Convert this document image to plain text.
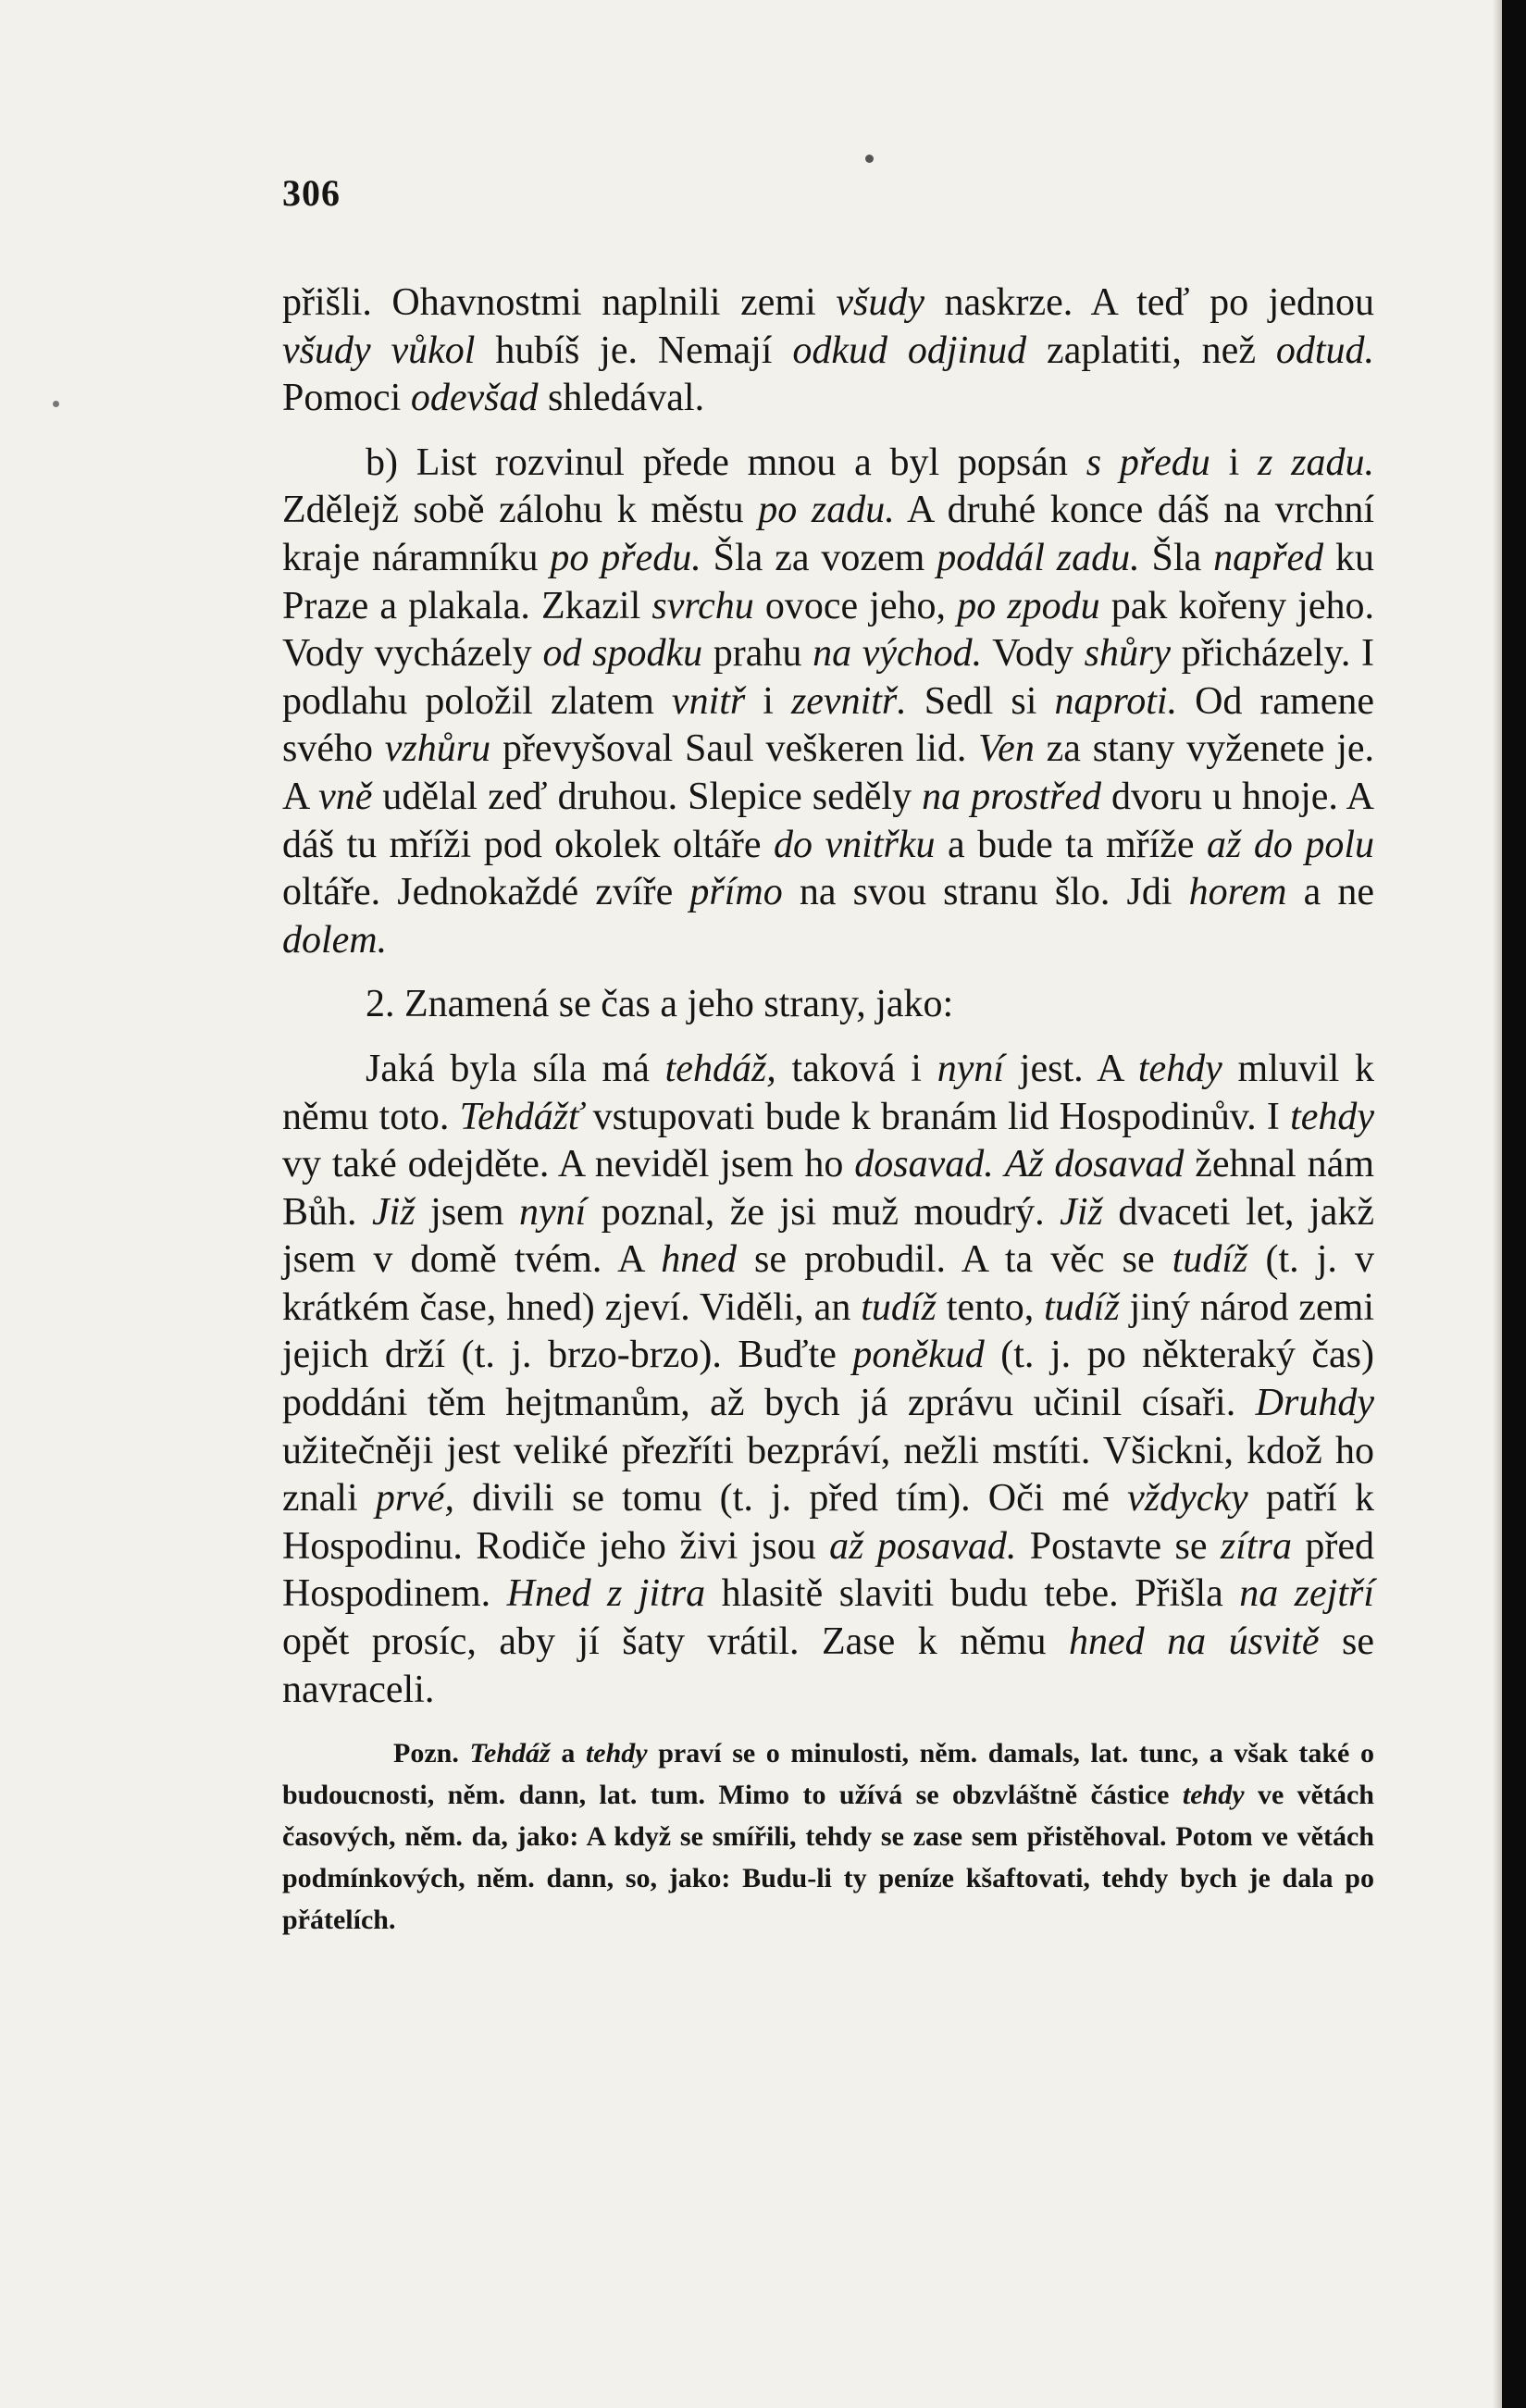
306

přišli. Ohavnostmi naplnili zemi všudy naskrze. A teď po jednou všudy vůkol hubíš je. Nemají odkud odjinud zaplatiti, než odtud. Pomoci odevšad shledával.

b) List rozvinul přede mnou a byl popsán s předu i z zadu. Zdělejž sobě zálohu k městu po zadu. A druhé konce dáš na vrchní kraje náramníku po předu. Šla za vozem poddál zadu. Šla napřed ku Praze a plakala. Zkazil svrchu ovoce jeho, po zpodu pak kořeny jeho. Vody vycházely od spodku prahu na východ. Vody shůry přicházely. I podlahu položil zlatem vnitř i zevnitř. Sedl si naproti. Od ramene svého vzhůru převyšoval Saul veškeren lid. Ven za stany vyženete je. A vně udělal zeď druhou. Slepice seděly na prostřed dvoru u hnoje. A dáš tu mříži pod okolek oltáře do vnitřku a bude ta mříže až do polu oltáře. Jednokaždé zvíře přímo na svou stranu šlo. Jdi horem a ne dolem.

2. Znamená se čas a jeho strany, jako:

Jaká byla síla má tehdáž, taková i nyní jest. A tehdy mluvil k němu toto. Tehdážť vstupovati bude k branám lid Hospodinův. I tehdy vy také odejděte. A neviděl jsem ho dosavad. Až dosavad žehnal nám Bůh. Již jsem nyní poznal, že jsi muž moudrý. Již dvaceti let, jakž jsem v domě tvém. A hned se probudil. A ta věc se tudíž (t. j. v krátkém čase, hned) zjeví. Viděli, an tudíž tento, tudíž jiný národ zemi jejich drží (t. j. brzo-brzo). Buďte poněkud (t. j. po některaký čas) poddáni těm hejtmanům, až bych já zprávu učinil císaři. Druhdy užitečněji jest veliké přezříti bezpráví, nežli mstíti. Všickni, kdož ho znali prvé, divili se tomu (t. j. před tím). Oči mé vždycky patří k Hospodinu. Rodiče jeho živi jsou až posavad. Postavte se zítra před Hospodinem. Hned z jitra hlasitě slaviti budu tebe. Přišla na zejtří opět prosíc, aby jí šaty vrátil. Zase k němu hned na úsvitě se navraceli.

Pozn. Tehdáž a tehdy praví se o minulosti, něm. damals, lat. tunc, a však také o budoucnosti, něm. dann, lat. tum. Mimo to užívá se obzvláštně částice tehdy ve větách časových, něm. da, jako: A když se smířili, tehdy se zase sem přistěhoval. Potom ve větách podmínkových, něm. dann, so, jako: Budu-li ty peníze kšaftovati, tehdy bych je dala po přátelích.
